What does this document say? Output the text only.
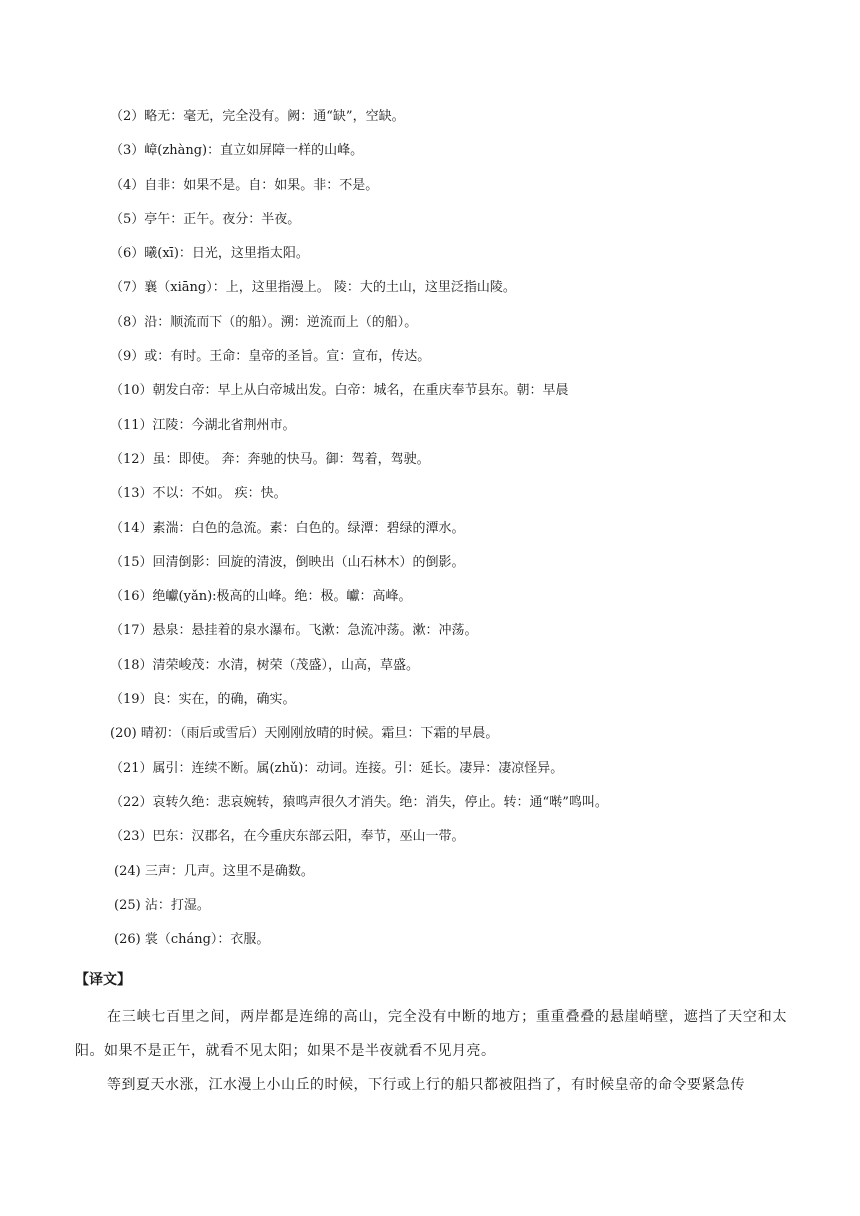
（2）略无：毫无，完全没有。阙：通“缺”，空缺。
（3）嶂(zhàng)：直立如屏障一样的山峰。
（4）自非：如果不是。自：如果。非：不是。
（5）亭午：正午。夜分：半夜。
（6）曦(xī)：日光，这里指太阳。
（7）襄（xiāng）：上，这里指漫上。 陵：大的土山，这里泛指山陵。
（8）沿：顺流而下（的船）。溯：逆流而上（的船）。
（9）或：有时。王命：皇帝的圣旨。宣：宣布，传达。
（10）朝发白帝：早上从白帝城出发。白帝：城名，在重庆奉节县东。朝：早晨
（11）江陵：今湖北省荆州市。
（12）虽：即使。 奔：奔驰的快马。御：驾着，驾驶。
（13）不以：不如。 疾：快。
（14）素湍：白色的急流。素：白色的。绿潭：碧绿的潭水。
（15）回清倒影：回旋的清波，倒映出（山石林木）的倒影。
（16）绝巘(yǎn):极高的山峰。绝：极。巘：高峰。
（17）悬泉：悬挂着的泉水瀑布。飞漱：急流冲荡。漱：冲荡。
（18）清荣峻茂：水清，树荣（茂盛），山高，草盛。
（19）良：实在，的确，确实。
(20) 晴初：（雨后或雪后）天刚刚放晴的时候。霜旦：下霜的早晨。
（21）属引：连续不断。属(zhǔ)：动词。连接。引：延长。凄异：凄凉怪异。
（22）哀转久绝：悲哀婉转，猿鸣声很久才消失。绝：消失，停止。转：通“啭”鸣叫。
（23）巴东：汉郡名，在今重庆东部云阳，奉节，巫山一带。
(24) 三声：几声。这里不是确数。
(25) 沾：打湿。
(26) 裳（cháng）：衣服。
【译文】

在三峡七百里之间，两岸都是连绵的高山，完全没有中断的地方；重重叠叠的悬崖峭壁，遮挡了天空和太阳。如果不是正午，就看不见太阳；如果不是半夜就看不见月亮。

等到夏天水涨，江水漫上小山丘的时候，下行或上行的船只都被阻挡了，有时候皇帝的命令要紧急传
